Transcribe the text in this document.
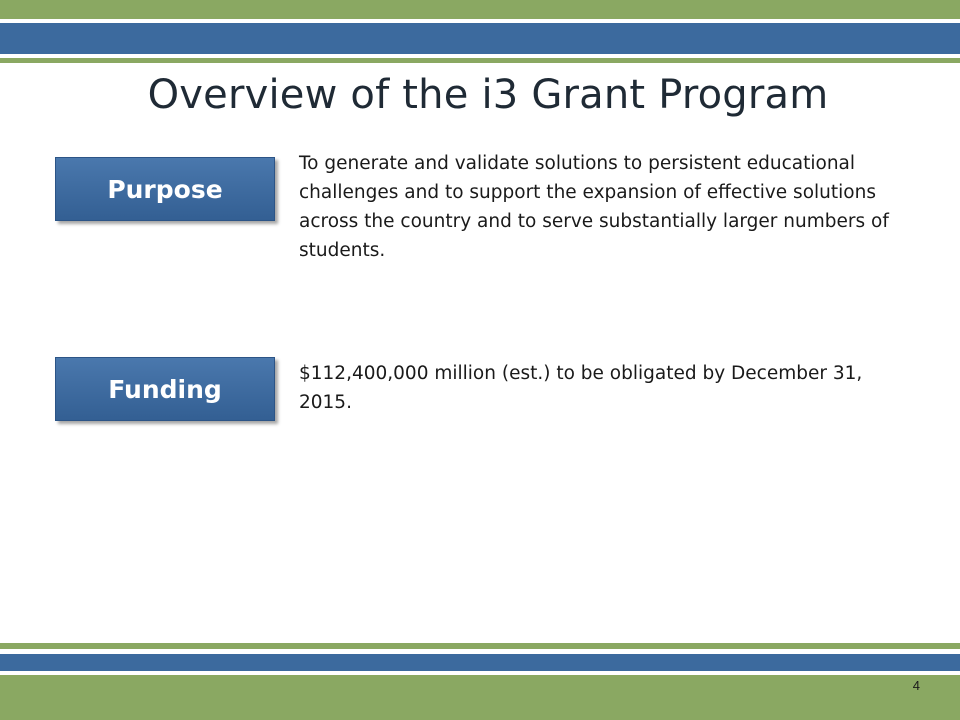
Overview of the i3 Grant Program
Purpose

To generate and validate solutions to persistent educational challenges and to support the expansion of effective solutions across the country and to serve substantially larger numbers of students.

Funding

$112,400,000 million (est.) to be obligated by December 31, 2015.

4
